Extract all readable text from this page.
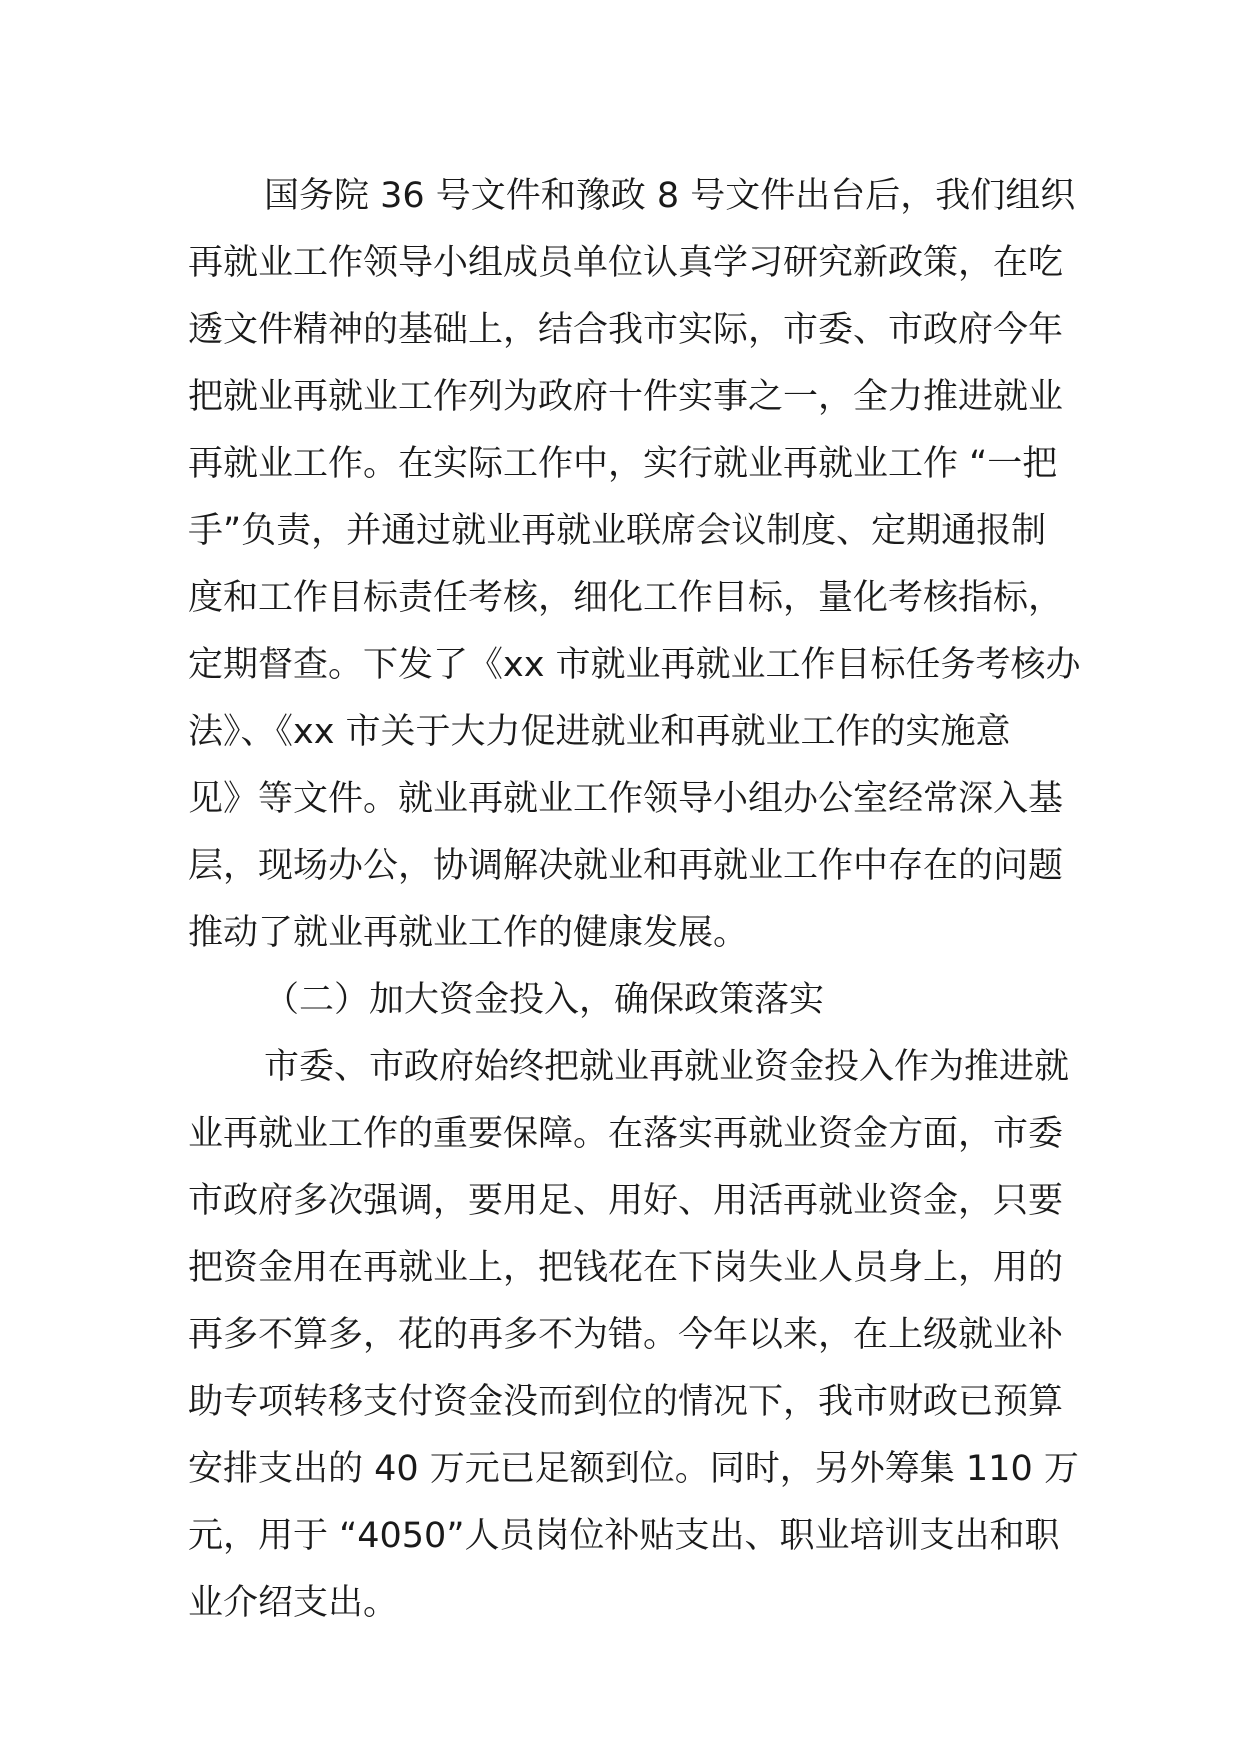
国务院 36 号文件和豫政 8 号文件出台后，我们组织
再就业工作领导小组成员单位认真学习研究新政策，在吃
透文件精神的基础上，结合我市实际，市委、市政府今年
把就业再就业工作列为政府十件实事之一，全力推进就业
再就业工作。在实际工作中，实行就业再就业工作 “一把
手”负责，并通过就业再就业联席会议制度、定期通报制
度和工作目标责任考核，细化工作目标，量化考核指标，
定期督查。下发了《xx 市就业再就业工作目标任务考核办
法》、《xx 市关于大力促进就业和再就业工作的实施意
见》等文件。就业再就业工作领导小组办公室经常深入基
层，现场办公，协调解决就业和再就业工作中存在的问题
推动了就业再就业工作的健康发展。
（二）加大资金投入，确保政策落实
市委、市政府始终把就业再就业资金投入作为推进就
业再就业工作的重要保障。在落实再就业资金方面，市委
市政府多次强调，要用足、用好、用活再就业资金，只要
把资金用在再就业上，把钱花在下岗失业人员身上，用的
再多不算多，花的再多不为错。今年以来，在上级就业补
助专项转移支付资金没而到位的情况下，我市财政已预算
安排支出的 40 万元已足额到位。同时，另外筹集 110 万
元，用于 “4050”人员岗位补贴支出、职业培训支出和职
业介绍支出。
